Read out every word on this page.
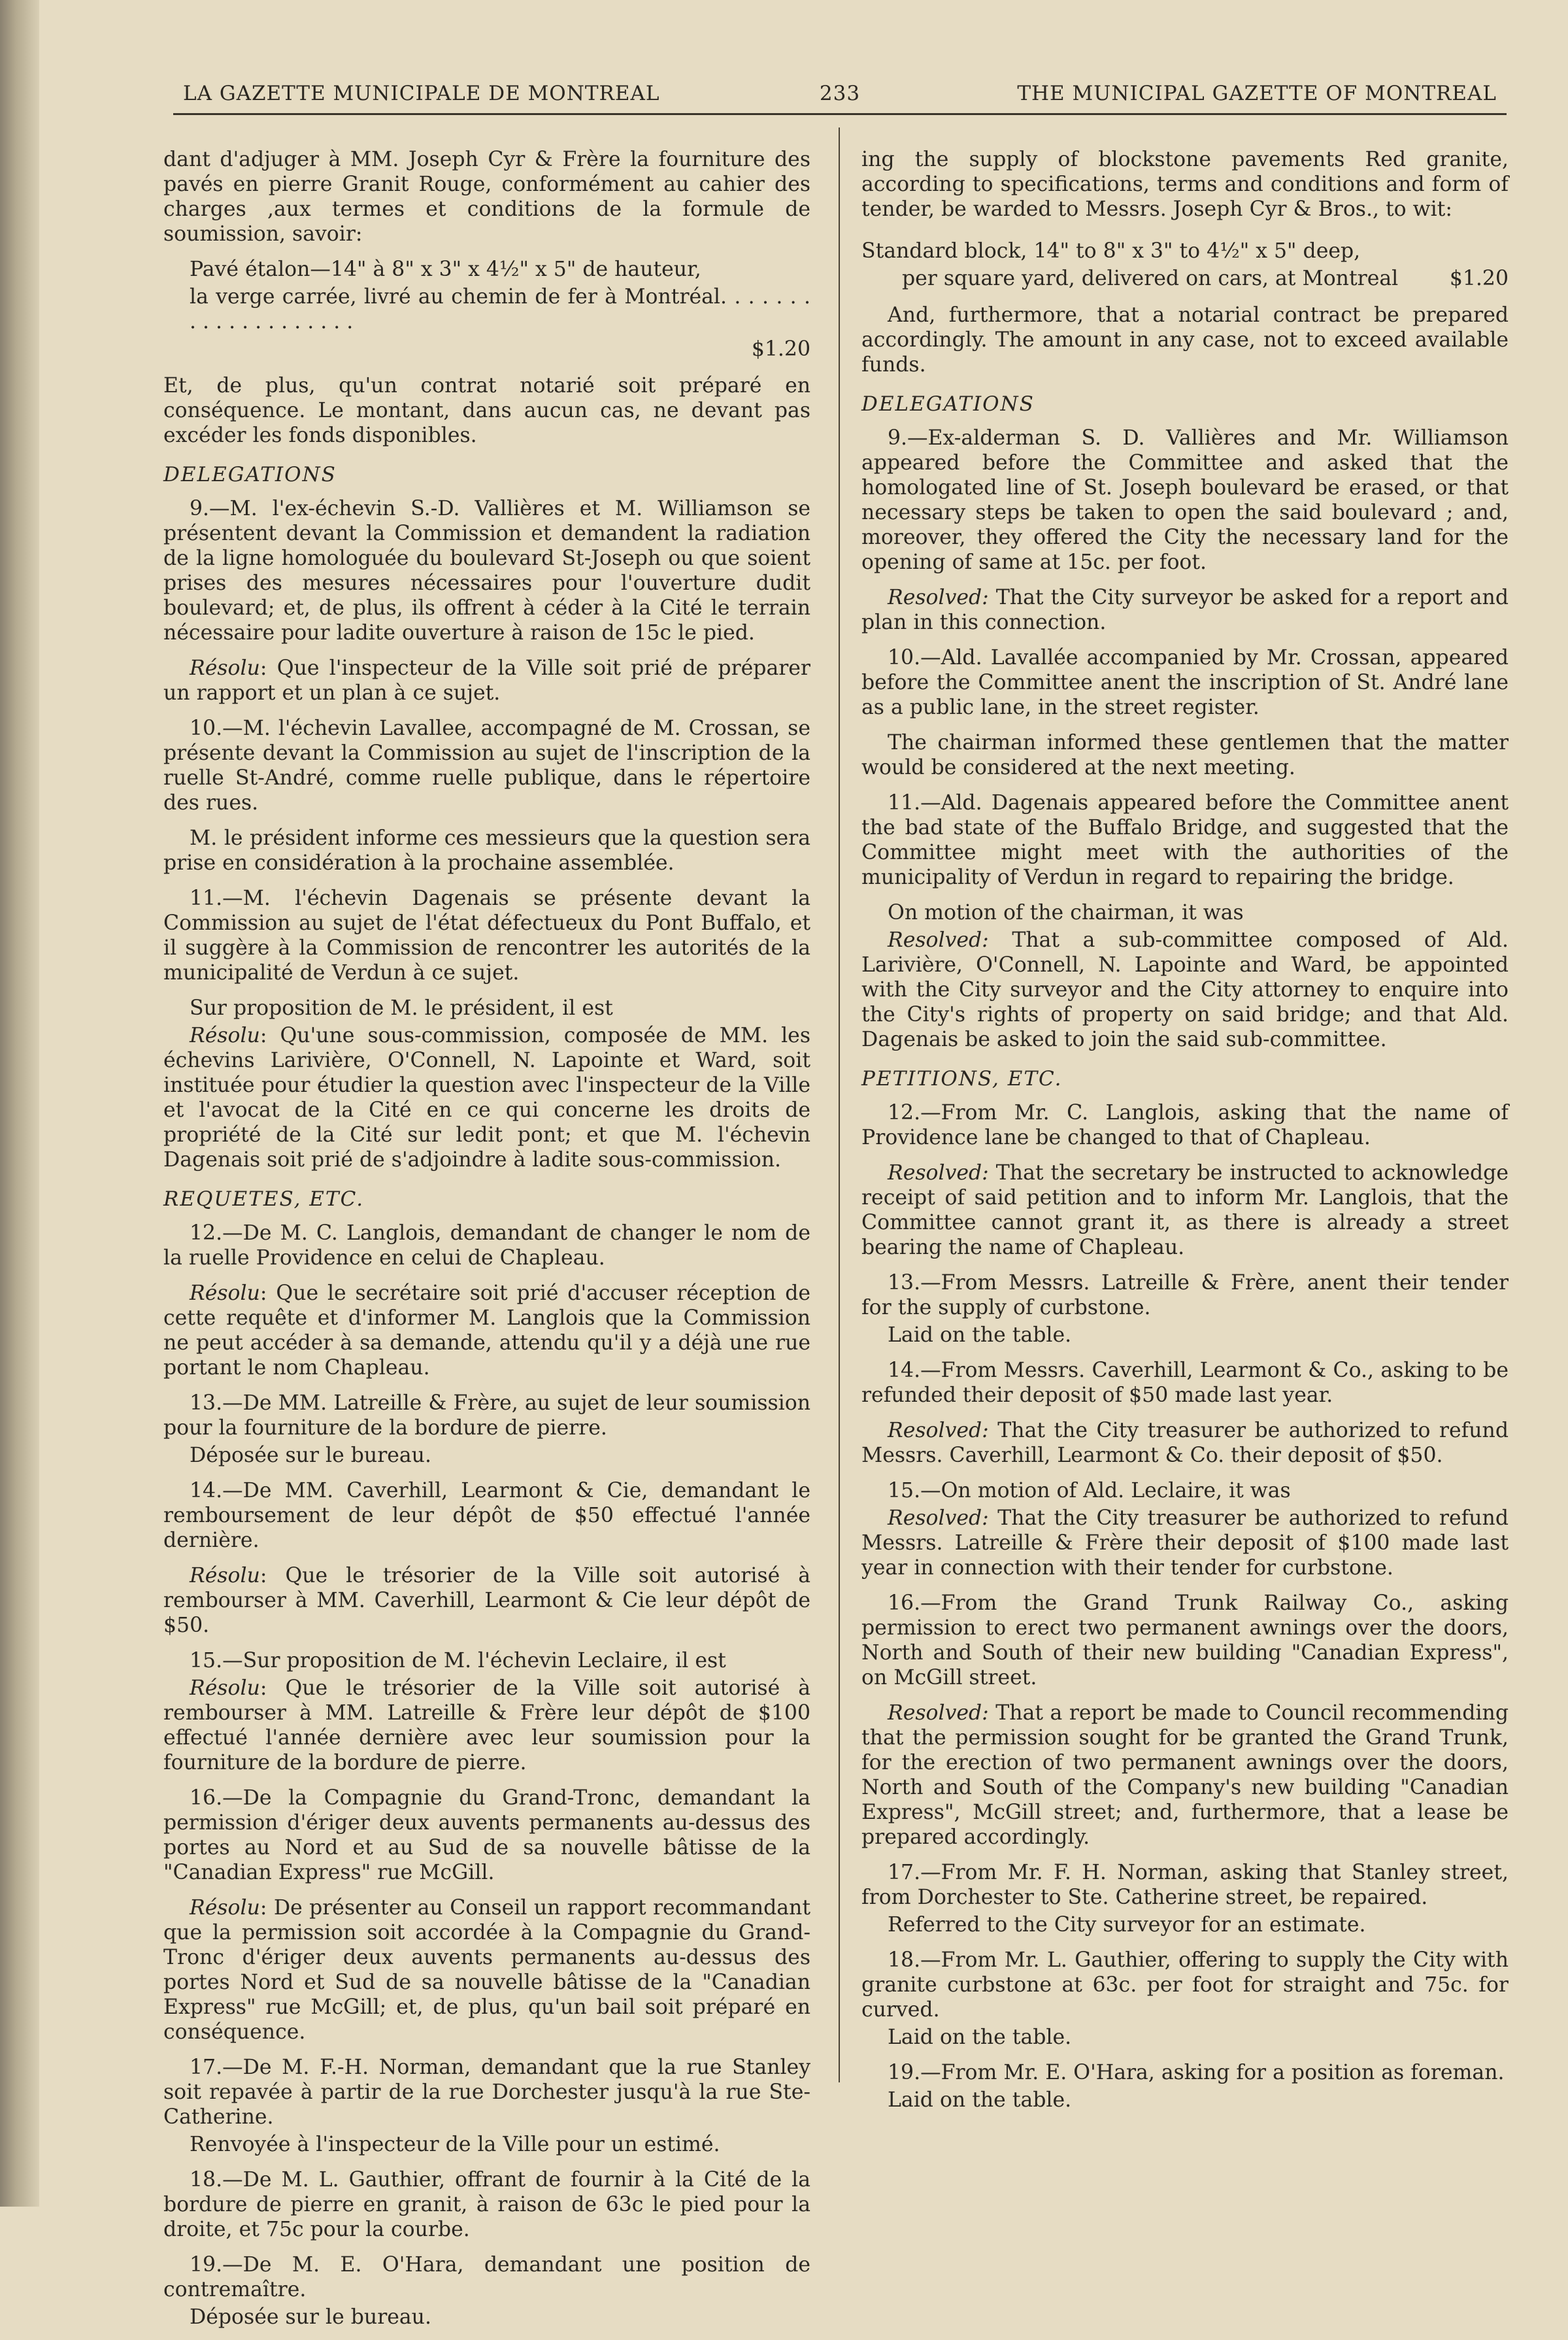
LA GAZETTE MUNICIPALE DE MONTREAL	233	THE MUNICIPAL GAZETTE OF MONTREAL

dant d'adjuger à MM. Joseph Cyr & Frère la fourniture des pavés en pierre Granit Rouge, conformément au cahier des charges ,aux termes et conditions de la formule de soumission, savoir:

Pavé étalon—14" à 8" x 3" x 4½" x 5" de hauteur,

la verge carrée, livré au chemin de fer à Montréal. . . . . . . . . . . . . . . . . . . .

$1.20

Et, de plus, qu'un contrat notarié soit préparé en conséquence. Le montant, dans aucun cas, ne devant pas excéder les fonds disponibles.

DELEGATIONS

9.—M. l'ex-échevin S.-D. Vallières et M. Williamson se présentent devant la Commission et demandent la radiation de la ligne homologuée du boulevard St-Joseph ou que soient prises des mesures nécessaires pour l'ouverture dudit boulevard; et, de plus, ils offrent à céder à la Cité le terrain nécessaire pour ladite ouverture à raison de 15c le pied.

Résolu: Que l'inspecteur de la Ville soit prié de préparer un rapport et un plan à ce sujet.

10.—M. l'échevin Lavallee, accompagné de M. Crossan, se présente devant la Commission au sujet de l'inscription de la ruelle St-André, comme ruelle publique, dans le répertoire des rues.

M. le président informe ces messieurs que la question sera prise en considération à la prochaine assemblée.

11.—M. l'échevin Dagenais se présente devant la Commission au sujet de l'état défectueux du Pont Buffalo, et il suggère à la Commission de rencontrer les autorités de la municipalité de Verdun à ce sujet.

Sur proposition de M. le président, il est

Résolu: Qu'une sous-commission, composée de MM. les échevins Larivière, O'Connell, N. Lapointe et Ward, soit instituée pour étudier la question avec l'inspecteur de la Ville et l'avocat de la Cité en ce qui concerne les droits de propriété de la Cité sur ledit pont; et que M. l'échevin Dagenais soit prié de s'adjoindre à ladite sous-commission.

REQUETES, ETC.

12.—De M. C. Langlois, demandant de changer le nom de la ruelle Providence en celui de Chapleau.

Résolu: Que le secrétaire soit prié d'accuser réception de cette requête et d'informer M. Langlois que la Commission ne peut accéder à sa demande, attendu qu'il y a déjà une rue portant le nom Chapleau.

13.—De MM. Latreille & Frère, au sujet de leur soumission pour la fourniture de la bordure de pierre.

Déposée sur le bureau.

14.—De MM. Caverhill, Learmont & Cie, demandant le remboursement de leur dépôt de $50 effectué l'année dernière.

Résolu: Que le trésorier de la Ville soit autorisé à rembourser à MM. Caverhill, Learmont & Cie leur dépôt de $50.

15.—Sur proposition de M. l'échevin Leclaire, il est

Résolu: Que le trésorier de la Ville soit autorisé à rembourser à MM. Latreille & Frère leur dépôt de $100 effectué l'année dernière avec leur soumission pour la fourniture de la bordure de pierre.

16.—De la Compagnie du Grand-Tronc, demandant la permission d'ériger deux auvents permanents au-dessus des portes au Nord et au Sud de sa nouvelle bâtisse de la "Canadian Express" rue McGill.

Résolu: De présenter au Conseil un rapport recommandant que la permission soit accordée à la Compagnie du Grand-Tronc d'ériger deux auvents permanents au-dessus des portes Nord et Sud de sa nouvelle bâtisse de la "Canadian Express" rue McGill; et, de plus, qu'un bail soit préparé en conséquence.

17.—De M. F.-H. Norman, demandant que la rue Stanley soit repavée à partir de la rue Dorchester jusqu'à la rue Ste-Catherine.

Renvoyée à l'inspecteur de la Ville pour un estimé.

18.—De M. L. Gauthier, offrant de fournir à la Cité de la bordure de pierre en granit, à raison de 63c le pied pour la droite, et 75c pour la courbe.

19.—De M. E. O'Hara, demandant une position de contremaître.

Déposée sur le bureau.

ing the supply of blockstone pavements Red granite, according to specifications, terms and conditions and form of tender, be warded to Messrs. Joseph Cyr & Bros., to wit:

Standard block, 14" to 8" x 3" to 4½" x 5" deep,

per square yard, delivered on cars, at Montreal $1.20

And, furthermore, that a notarial contract be prepared accordingly. The amount in any case, not to exceed available funds.

DELEGATIONS

9.—Ex-alderman S. D. Vallières and Mr. Williamson appeared before the Committee and asked that the homologated line of St. Joseph boulevard be erased, or that necessary steps be taken to open the said boulevard ; and, moreover, they offered the City the necessary land for the opening of same at 15c. per foot.

Resolved: That the City surveyor be asked for a report and plan in this connection.

10.—Ald. Lavallée accompanied by Mr. Crossan, appeared before the Committee anent the inscription of St. André lane as a public lane, in the street register.

The chairman informed these gentlemen that the matter would be considered at the next meeting.

11.—Ald. Dagenais appeared before the Committee anent the bad state of the Buffalo Bridge, and suggested that the Committee might meet with the authorities of the municipality of Verdun in regard to repairing the bridge.

On motion of the chairman, it was

Resolved: That a sub-committee composed of Ald. Larivière, O'Connell, N. Lapointe and Ward, be appointed with the City surveyor and the City attorney to enquire into the City's rights of property on said bridge; and that Ald. Dagenais be asked to join the said sub-committee.

PETITIONS, ETC.

12.—From Mr. C. Langlois, asking that the name of Providence lane be changed to that of Chapleau.

Resolved: That the secretary be instructed to acknowledge receipt of said petition and to inform Mr. Langlois, that the Committee cannot grant it, as there is already a street bearing the name of Chapleau.

13.—From Messrs. Latreille & Frère, anent their tender for the supply of curbstone.

Laid on the table.

14.—From Messrs. Caverhill, Learmont & Co., asking to be refunded their deposit of $50 made last year.

Resolved: That the City treasurer be authorized to refund Messrs. Caverhill, Learmont & Co. their deposit of $50.

15.—On motion of Ald. Leclaire, it was

Resolved: That the City treasurer be authorized to refund Messrs. Latreille & Frère their deposit of $100 made last year in connection with their tender for curbstone.

16.—From the Grand Trunk Railway Co., asking permission to erect two permanent awnings over the doors, North and South of their new building "Canadian Express", on McGill street.

Resolved: That a report be made to Council recommending that the permission sought for be granted the Grand Trunk, for the erection of two permanent awnings over the doors, North and South of the Company's new building "Canadian Express", McGill street; and, furthermore, that a lease be prepared accordingly.

17.—From Mr. F. H. Norman, asking that Stanley street, from Dorchester to Ste. Catherine street, be repaired.

Referred to the City surveyor for an estimate.

18.—From Mr. L. Gauthier, offering to supply the City with granite curbstone at 63c. per foot for straight and 75c. for curved.

Laid on the table.

19.—From Mr. E. O'Hara, asking for a position as foreman.

Laid on the table.
